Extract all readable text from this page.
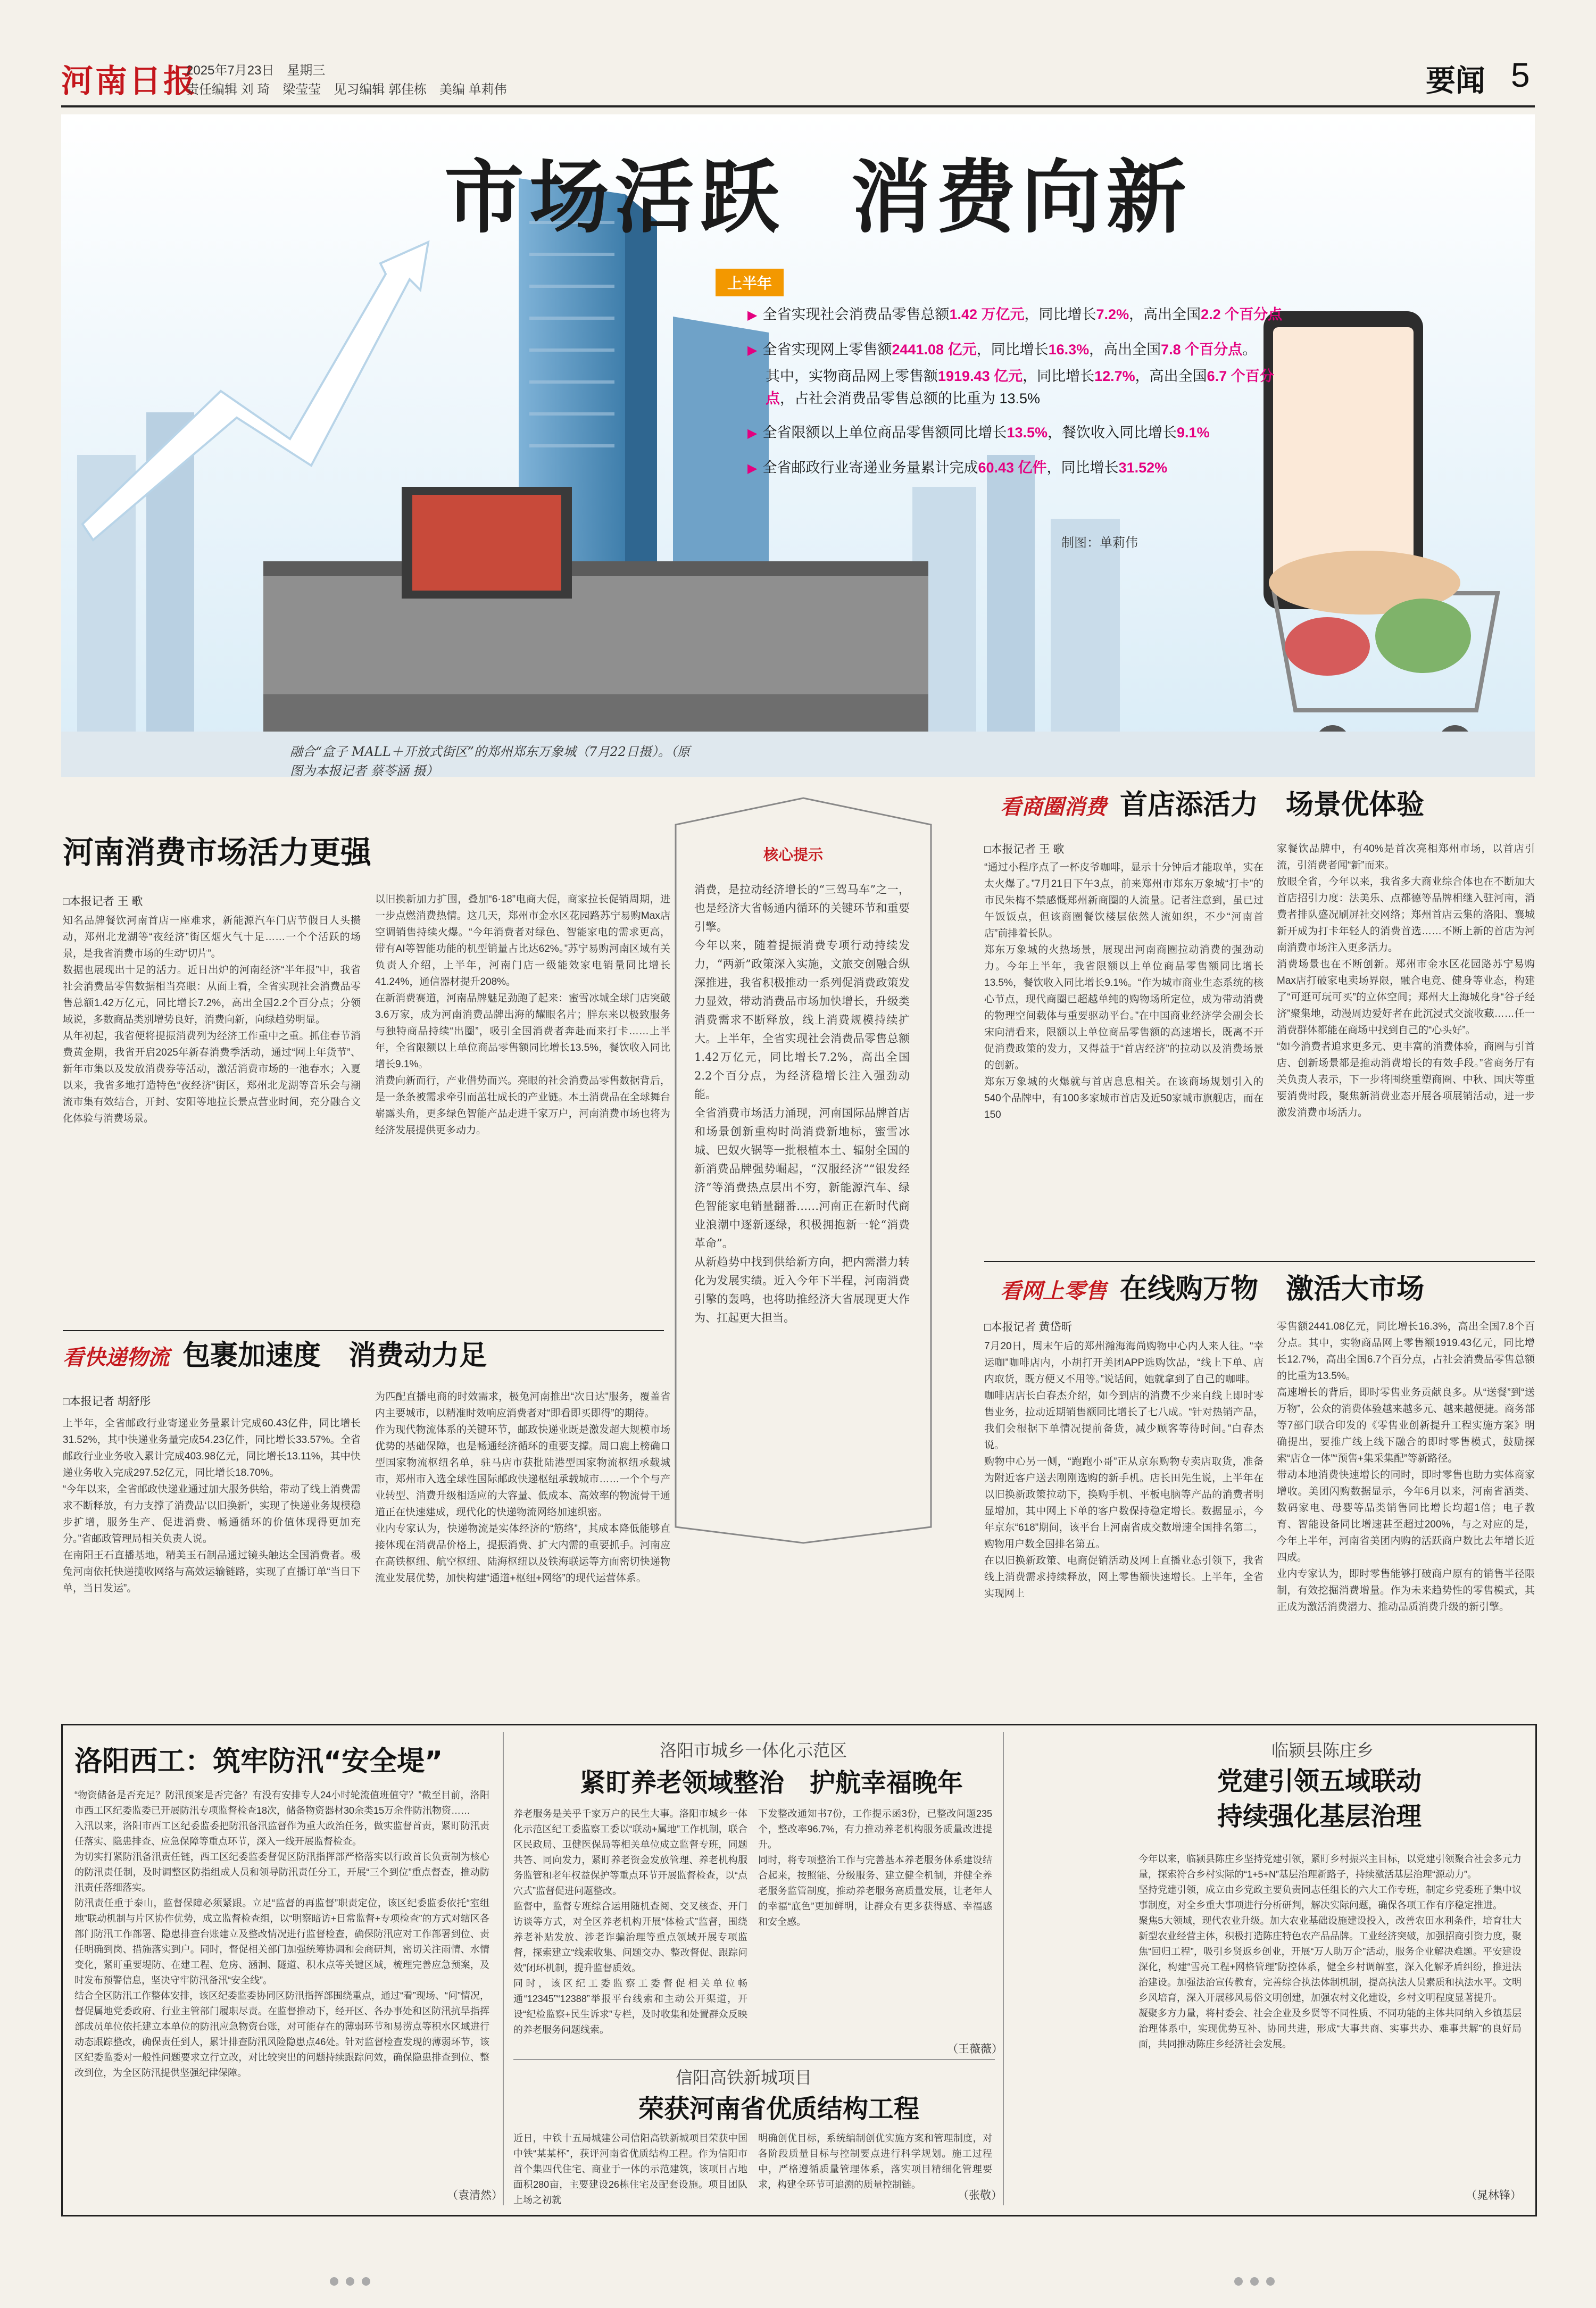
河南日报
2025年7月23日　星期三
责任编辑 刘 琦　梁莹莹　见习编辑 郭佳栋　美编 单莉伟	要闻 5
市场活跃  消费向新
上半年
▶ 全省实现社会消费品零售总额1.42 万亿元，同比增长7.2%，高出全国2.2 个百分点
▶ 全省实现网上零售额2441.08 亿元，同比增长16.3%，高出全国7.8 个百分点。
其中，实物商品网上零售额1919.43 亿元，同比增长12.7%，高出全国6.7 个百分点，占社会消费品零售总额的比重为 13.5%
▶ 全省限额以上单位商品零售额同比增长13.5%，餐饮收入同比增长9.1%
▶ 全省邮政行业寄递业务量累计完成60.43 亿件，同比增长31.52%
制图：单莉伟
融合“盒子 MALL＋开放式街区”的郑州郑东万象城（7月22日摄）。（原图为本报记者 蔡苓涵 摄）
河南消费市场活力更强
□本报记者 王 歌
知名品牌餐饮河南首店一座难求，新能源汽车门店节假日人头攒动，郑州北龙湖等“夜经济”街区烟火气十足……一个个活跃的场景，是我省消费市场的生动“切片”。
数据也展现出十足的活力。近日出炉的河南经济“半年报”中，我省社会消费品零售数据相当亮眼：从面上看，全省实现社会消费品零售总额1.42万亿元，同比增长7.2%，高出全国2.2个百分点；分领域说，多数商品类别增势良好，消费向新，向绿趋势明显。
从年初起，我省便将提振消费列为经济工作重中之重。抓住春节消费黄金期，我省开启2025年新春消费季活动，通过“网上年货节”、新年市集以及发放消费券等活动，激活消费市场的一池春水；入夏以来，我省多地打造特色“夜经济”街区，郑州北龙湖等音乐会与潮流市集有效结合，开封、安阳等地拉长景点营业时间，充分融合文化体验与消费场景。
以旧换新加力扩围，叠加“6·18”电商大促，商家拉长促销周期，进一步点燃消费热情。这几天，郑州市金水区花园路苏宁易购Max店空调销售持续火爆。“今年消费者对绿色、智能家电的需求更高，带有AI等智能功能的机型销量占比达62%。”苏宁易购河南区域有关负责人介绍，上半年，河南门店一级能效家电销量同比增长41.24%，通信器材提升208%。
在新消费赛道，河南品牌魅足劲跑了起来：蜜雪冰城全球门店突破3.6万家，成为河南消费品牌出海的耀眼名片；胖东来以极致服务与独特商品持续“出圈”，吸引全国消费者奔赴而来打卡……上半年，全省限额以上单位商品零售额同比增长13.5%，餐饮收入同比增长9.1%。
消费向新而行，产业借势而兴。亮眼的社会消费品零售数据背后，是一条条被需求牵引而茁壮成长的产业链。本土消费品在全球舞台崭露头角，更多绿色智能产品走进千家万户，河南消费市场也将为经济发展提供更多动力。
核心提示
消费，是拉动经济增长的“三驾马车”之一，也是经济大省畅通内循环的关键环节和重要引擎。
今年以来，随着提振消费专项行动持续发力，“两新”政策深入实施，文旅交创融合纵深推进，我省积极推动一系列促消费政策发力显效，带动消费品市场加快增长，升级类消费需求不断释放，线上消费规模持续扩大。上半年，全省实现社会消费品零售总额1.42万亿元，同比增长7.2%，高出全国2.2个百分点，为经济稳增长注入强劲动能。
全省消费市场活力涌现，河南国际品牌首店和场景创新重构时尚消费新地标，蜜雪冰城、巴奴火锅等一批根植本土、辐射全国的新消费品牌强势崛起，“汉服经济”“银发经济”等消费热点层出不穷，新能源汽车、绿色智能家电销量翻番……河南正在新时代商业浪潮中逐新逐绿，积极拥抱新一轮“消费革命”。
从新趋势中找到供给新方向，把内需潜力转化为发展实绩。近入今年下半程，河南消费引擎的轰鸣，也将助推经济大省展现更大作为、扛起更大担当。
看快递物流 包裹加速度　消费动力足
□本报记者 胡舒彤
上半年，全省邮政行业寄递业务量累计完成60.43亿件，同比增长31.52%，其中快递业务量完成54.23亿件，同比增长33.57%。全省邮政行业业务收入累计完成403.98亿元，同比增长13.11%，其中快递业务收入完成297.52亿元，同比增长18.70%。
“今年以来，全省邮政快递业通过加大服务供给，带动了线上消费需求不断释放，有力支撑了消费品‘以旧换新’，实现了快递业务规模稳步扩增，服务生产、促进消费、畅通循环的价值体现得更加充分。”省邮政管理局相关负责人说。
在南阳王石直播基地，精美玉石制品通过镜头触达全国消费者。极兔河南依托快递揽收网络与高效运输链路，实现了直播订单“当日下单，当日发运”。
为匹配直播电商的时效需求，极兔河南推出“次日达”服务，覆盖省内主要城市，以精准时效响应消费者对“即看即买即得”的期待。
作为现代物流体系的关键环节，邮政快递业既是激发超大规模市场优势的基础保障，也是畅通经济循环的重要支撑。周口鹿上榜确口型国家物流枢纽名单，驻马店市获批陆港型国家物流枢纽承载城市，郑州市入选全球性国际邮政快递枢纽承载城市……一个个与产业转型、消费升级相适应的大容量、低成本、高效率的物流骨干通道正在快速建成，现代化的快递物流网络加速织密。
业内专家认为，快递物流是实体经济的“筋络”，其成本降低能够直接体现在消费品价格上，提振消费、扩大内需的重要抓手。河南应在高铁枢纽、航空枢纽、陆海枢纽以及铁海联运等方面密切快递物流业发展优势，加快构建“通道+枢纽+网络”的现代运营体系。
看商圈消费 首店添活力　场景优体验
□本报记者 王 歌
“通过小程序点了一杯皮爷咖啡，显示十分钟后才能取单，实在太火爆了。”7月21日下午3点，前来郑州市郑东万象城“打卡”的市民朱梅不禁感慨郑州新商圈的人流量。记者注意到，虽已过午饭饭点，但该商圈餐饮楼层依然人流如织，不少“河南首店”前排着长队。
郑东万象城的火热场景，展现出河南商圈拉动消费的强劲动力。今年上半年，我省限额以上单位商品零售额同比增长13.5%，餐饮收入同比增长9.1%。“作为城市商业生态系统的核心节点，现代商圈已超越单纯的购物场所定位，成为带动消费的物理空间载体与重要驱动平台。”在中国商业经济学会副会长宋向清看来，限额以上单位商品零售额的高速增长，既离不开促消费政策的发力，又得益于“首店经济”的拉动以及消费场景的创新。
郑东万象城的火爆就与首店息息相关。在该商场规划引入的540个品牌中，有100多家城市首店及近50家城市旗舰店，而在150
家餐饮品牌中，有40%是首次亮相郑州市场，以首店引流，引消费者闻“新”而来。
放眼全省，今年以来，我省多大商业综合体也在不断加大首店招引力度：法美乐、点都德等品牌相继入驻河南，消费者排队盛况刷屏社交网络；郑州首店云集的洛阳、襄城新开成为打卡年轻人的消费首选……不断上新的首店为河南消费市场注入更多活力。
消费场景也在不断创新。郑州市金水区花园路苏宁易购Max店打破家电卖场界限，融合电竞、健身等业态，构建了“可逛可玩可买”的立体空间；郑州大上海城化身“谷子经济”聚集地，动漫周边爱好者在此沉浸式交流收藏……任一消费群体都能在商场中找到自己的“心头好”。
“如今消费者追求更多元、更丰富的消费体验，商圈与引首店、创新场景都是推动消费增长的有效手段。”省商务厅有关负责人表示，下一步将围绕重塑商圈、中秋、国庆等重要消费时段，聚焦新消费业态开展各项展销活动，进一步激发消费市场活力。
看网上零售 在线购万物　激活大市场
□本报记者 黄岱昕
7月20日，周末午后的郑州瀚海海尚购物中心内人来人往。“幸运咖”咖啡店内，小胡打开美团APP选购饮品，“线上下单、店内取货，既方便又不用等。”说话间，她就拿到了自己的咖啡。
咖啡店店长白春杰介绍，如今到店的消费不少来自线上即时零售业务，拉动近期销售额同比增长了七八成。“针对热销产品，我们会根据下单情况提前备货，减少顾客等待时间。”白春杰说。
购物中心另一侧，“跑跑小哥”正从京东购物专卖店取货，准备为附近客户送去刚刚选购的新手机。店长田先生说，上半年在以旧换新政策拉动下，换购手机、平板电脑等产品的消费者明显增加，其中网上下单的客户数保持稳定增长。数据显示，今年京东“618”期间，该平台上河南省成交数增速全国排名第二，购物用户数全国排名第五。
在以旧换新政策、电商促销活动及网上直播业态引领下，我省线上消费需求持续释放，网上零售额快速增长。上半年，全省实现网上
零售额2441.08亿元，同比增长16.3%，高出全国7.8个百分点。其中，实物商品网上零售额1919.43亿元，同比增长12.7%，高出全国6.7个百分点，占社会消费品零售总额的比重为13.5%。
高速增长的背后，即时零售业务贡献良多。从“送餐”到“送万物”，公众的消费体验越来越多元、越来越便捷。商务部等7部门联合印发的《零售业创新提升工程实施方案》明确提出，要推广线上线下融合的即时零售模式，鼓励探索“店仓一体”“预售+集采集配”等新路径。
带动本地消费快速增长的同时，即时零售也助力实体商家增收。美团闪购数据显示，今年6月以来，河南省酒类、数码家电、母婴等品类销售同比增长均超1倍；电子教育、智能设备同比增速甚至超过200%，与之对应的是，今年上半年，河南省美团内购的活跃商户数比去年增长近四成。
业内专家认为，即时零售能够打破商户原有的销售半径限制，有效挖掘消费增量。作为未来趋势性的零售模式，其正成为激活消费潜力、推动品质消费升级的新引擎。
洛阳西工：筑牢防汛“安全堤”
“物资储备是否充足？防汛预案是否完备？有没有安排专人24小时轮流值班值守？”截至目前，洛阳市西工区纪委监委已开展防汛专项监督检查18次，储备物资器材30余类15万余件防汛物资……
入汛以来，洛阳市西工区纪委监委把防汛备汛监督作为重大政治任务，做实监督首责，紧盯防汛责任落实、隐患排查、应急保障等重点环节，深入一线开展监督检查。
为切实打紧防汛备汛责任链，西工区纪委监委督促区防汛指挥部严格落实以行政首长负责制为核心的防汛责任制，及时调整区防指组成人员和领导防汛责任分工，开展“三个到位”重点督查，推动防汛责任落细落实。
防汛责任重于泰山，监督保障必须紧跟。立足“监督的再监督”职责定位，该区纪委监委依托“室组地”联动机制与片区协作优势，成立监督检查组，以“明察暗访+日常监督+专项检查”的方式对辖区各部门防汛工作部署、隐患排查台账建立及整改情况进行监督检查，确保防汛应对工作部署到位、责任明确到岗、措施落实到户。同时，督促相关部门加强统筹协调和会商研判，密切关注雨情、水情变化，紧盯重要堤防、在建工程、危房、涵洞、隧道、积水点等关键区域，梳理完善应急预案，及时发布预警信息，坚决守牢防汛备汛“安全线”。
结合全区防汛工作整体安排，该区纪委监委协同区防汛指挥部围绕重点，通过“看”现场、“问”情况，督促属地党委政府、行业主管部门履职尽责。在监督推动下，经开区、各办事处和区防汛抗旱指挥部成员单位依托建立本单位的防汛应急物资台账，对可能存在的薄弱环节和易涝点等积水区域进行动态跟踪整改，确保责任到人，累计排查防汛风险隐患点46处。针对监督检查发现的薄弱环节，该区纪委监委对一般性问题要求立行立改，对比较突出的问题持续跟踪问效，确保隐患排查到位、整改到位，为全区防汛提供坚强纪律保障。
（袁清然）
洛阳市城乡一体化示范区
紧盯养老领域整治　护航幸福晚年
养老服务是关乎千家万户的民生大事。洛阳市城乡一体化示范区纪工委监察工委以“联动+属地”工作机制，联合区民政局、卫健医保局等相关单位成立监督专班，同题共答、同向发力，紧盯养老资金发放管理、养老机构服务监管和老年权益保护等重点环节开展监督检查，以“点穴式”监督促进问题整改。
监督中，监督专班综合运用随机查阅、交叉核查、开门访谈等方式，对全区养老机构开展“体检式”监督，围绕养老补贴发放、涉老诈骗治理等重点领域开展专项监督，探索建立“线索收集、问题交办、整改督促、跟踪问效”闭环机制，提升监督质效。
同时，该区纪工委监察工委督促相关单位畅通“12345”“12388”举报平台线索和主动公开渠道，开设“纪检监察+民生诉求”专栏，及时收集和处置群众反映的养老服务问题线索。
下发整改通知书7份，工作提示函3份，已整改问题235个，整改率96.7%，有力推动养老机构服务质量改进提升。
同时，将专项整治工作与完善基本养老服务体系建设结合起来，按照能、分级服务、建立健全机制，并健全养老服务监管制度，推动养老服务高质量发展，让老年人的幸福“底色”更加鲜明，让群众有更多获得感、幸福感和安全感。
（王薇薇）
信阳高铁新城项目
荣获河南省优质结构工程
近日，中铁十五局城建公司信阳高铁新城项目荣获中国中铁“某某杯”，获评河南省优质结构工程。作为信阳市首个集四代住宅、商业于一体的示范建筑，该项目占地面积280亩，主要建设26栋住宅及配套设施。项目团队上场之初就
明确创优目标，系统编制创优实施方案和管理制度，对各阶段质量目标与控制要点进行科学规划。施工过程中，严格遵循质量管理体系，落实项目精细化管理要求，构建全环节可追溯的质量控制链。
（张敬）
临颍县陈庄乡
党建引领五域联动
持续强化基层治理
今年以来，临颍县陈庄乡坚持党建引领，紧盯乡村振兴主目标，以党建引领聚合社会多元力量，探索符合乡村实际的“1+5+N”基层治理新路子，持续激活基层治理“源动力”。
坚持党建引领，成立由乡党政主要负责同志任组长的六大工作专班，制定乡党委班子集中议事制度，对全乡重大事项进行分析研判，解决实际问题，确保各项工作有序稳定推进。
聚焦5大领域，现代农业升级。加大农业基础设施建设投入，改善农田水利条件，培育壮大新型农业经营主体，积极打造陈庄特色农产品品牌。工业经济突破，加强招商引资力度，聚焦“回归工程”，吸引乡贤返乡创业，开展“万人助万企”活动，服务企业解决难题。平安建设深化，构建“雪亮工程+网格管理”防控体系，健全乡村调解室，深入化解矛盾纠纷，推进法治建设。加强法治宣传教育，完善综合执法体制机制，提高执法人员素质和执法水平。文明乡风培育，深入开展移风易俗文明创建，加强农村文化建设，乡村文明程度显著提升。
凝聚多方力量，将村委会、社会企业及乡贤等不同性质、不同功能的主体共同纳入乡镇基层治理体系中，实现优势互补、协同共进，形成“大事共商、实事共办、难事共解”的良好局面，共同推动陈庄乡经济社会发展。
（晁林锋）
